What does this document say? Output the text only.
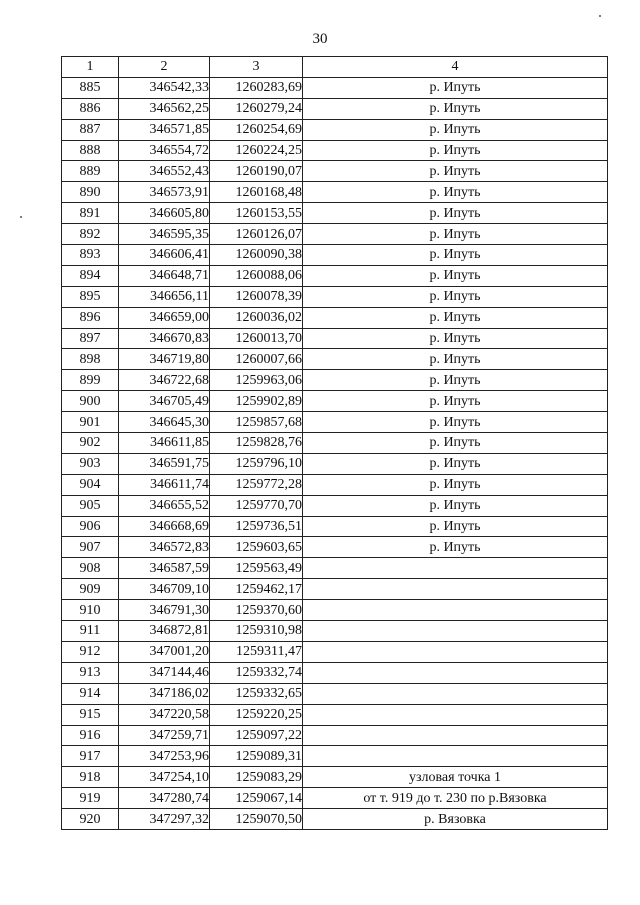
30
1	2	3	4
885	346542,33	1260283,69	р. Ипуть
886	346562,25	1260279,24	р. Ипуть
887	346571,85	1260254,69	р. Ипуть
888	346554,72	1260224,25	р. Ипуть
889	346552,43	1260190,07	р. Ипуть
890	346573,91	1260168,48	р. Ипуть
891	346605,80	1260153,55	р. Ипуть
892	346595,35	1260126,07	р. Ипуть
893	346606,41	1260090,38	р. Ипуть
894	346648,71	1260088,06	р. Ипуть
895	346656,11	1260078,39	р. Ипуть
896	346659,00	1260036,02	р. Ипуть
897	346670,83	1260013,70	р. Ипуть
898	346719,80	1260007,66	р. Ипуть
899	346722,68	1259963,06	р. Ипуть
900	346705,49	1259902,89	р. Ипуть
901	346645,30	1259857,68	р. Ипуть
902	346611,85	1259828,76	р. Ипуть
903	346591,75	1259796,10	р. Ипуть
904	346611,74	1259772,28	р. Ипуть
905	346655,52	1259770,70	р. Ипуть
906	346668,69	1259736,51	р. Ипуть
907	346572,83	1259603,65	р. Ипуть
908	346587,59	1259563,49	
909	346709,10	1259462,17	
910	346791,30	1259370,60	
911	346872,81	1259310,98	
912	347001,20	1259311,47	
913	347144,46	1259332,74	
914	347186,02	1259332,65	
915	347220,58	1259220,25	
916	347259,71	1259097,22	
917	347253,96	1259089,31	
918	347254,10	1259083,29	узловая точка 1
919	347280,74	1259067,14	от т. 919 до т. 230 по р.Вязовка
920	347297,32	1259070,50	р. Вязовка
